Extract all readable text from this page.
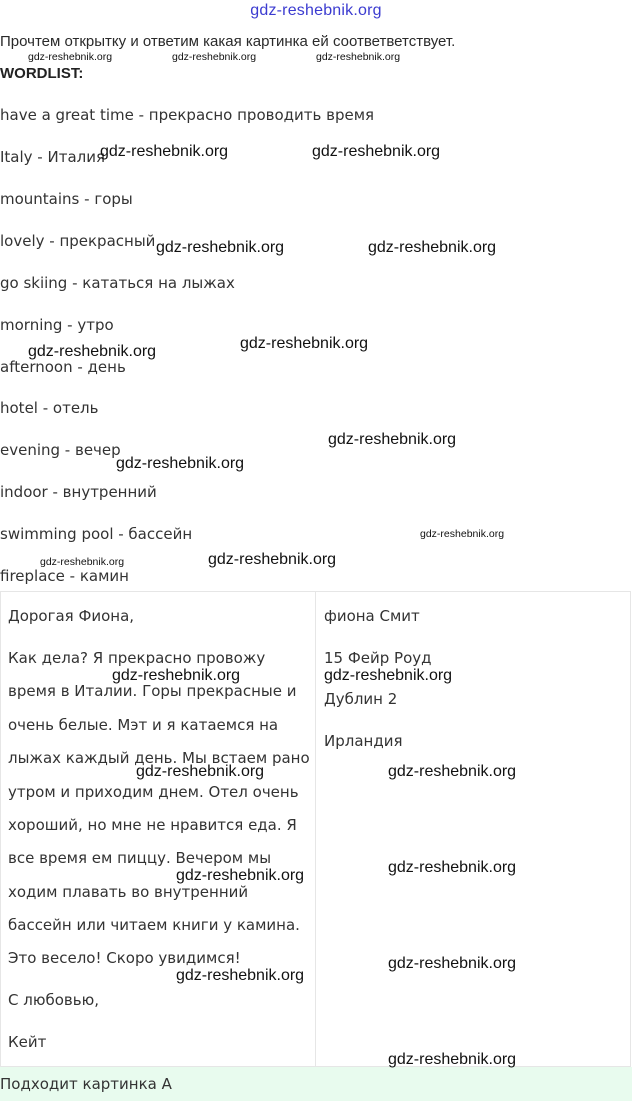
gdz-reshebnik.org
Прочтем открытку и ответим какая картинка ей соответветствует.
WORDLIST:
have a great time - прекрасно проводить время
Italy - Италия
mountains - горы
lovely - прекрасный
go skiing - кататься на лыжах
morning - утро
afternoon - день
hotel - отель
evening - вечер
indoor - внутренний
swimming pool - бассейн
fireplace - камин
Дорогая Фиона,
Как дела? Я прекрасно провожу
время в Италии. Горы прекрасные и
очень белые. Мэт и я катаемся на
лыжах каждый день. Мы встаем рано
утром и приходим днем. Отел очень
хороший, но мне не нравится еда. Я
все время ем пиццу. Вечером мы
ходим плавать во внутренний
бассейн или читаем книги у камина.
Это весело! Скоро увидимся!
С любовью,
Кейт
фиона Смит
15 Фейр Роуд
Дублин 2
Ирландия
Подходит картинка А
gdz-reshebnik.org	gdz-reshebnik.org	gdz-reshebnik.org
gdz-reshebnik.org	gdz-reshebnik.org
gdz-reshebnik.org	gdz-reshebnik.org
gdz-reshebnik.org
gdz-reshebnik.org
gdz-reshebnik.org
gdz-reshebnik.org
gdz-reshebnik.org
gdz-reshebnik.org	gdz-reshebnik.org
gdz-reshebnik.org	gdz-reshebnik.org
gdz-reshebnik.org	gdz-reshebnik.org
gdz-reshebnik.org	gdz-reshebnik.org
gdz-reshebnik.org
gdz-reshebnik.org
gdz-reshebnik.org
